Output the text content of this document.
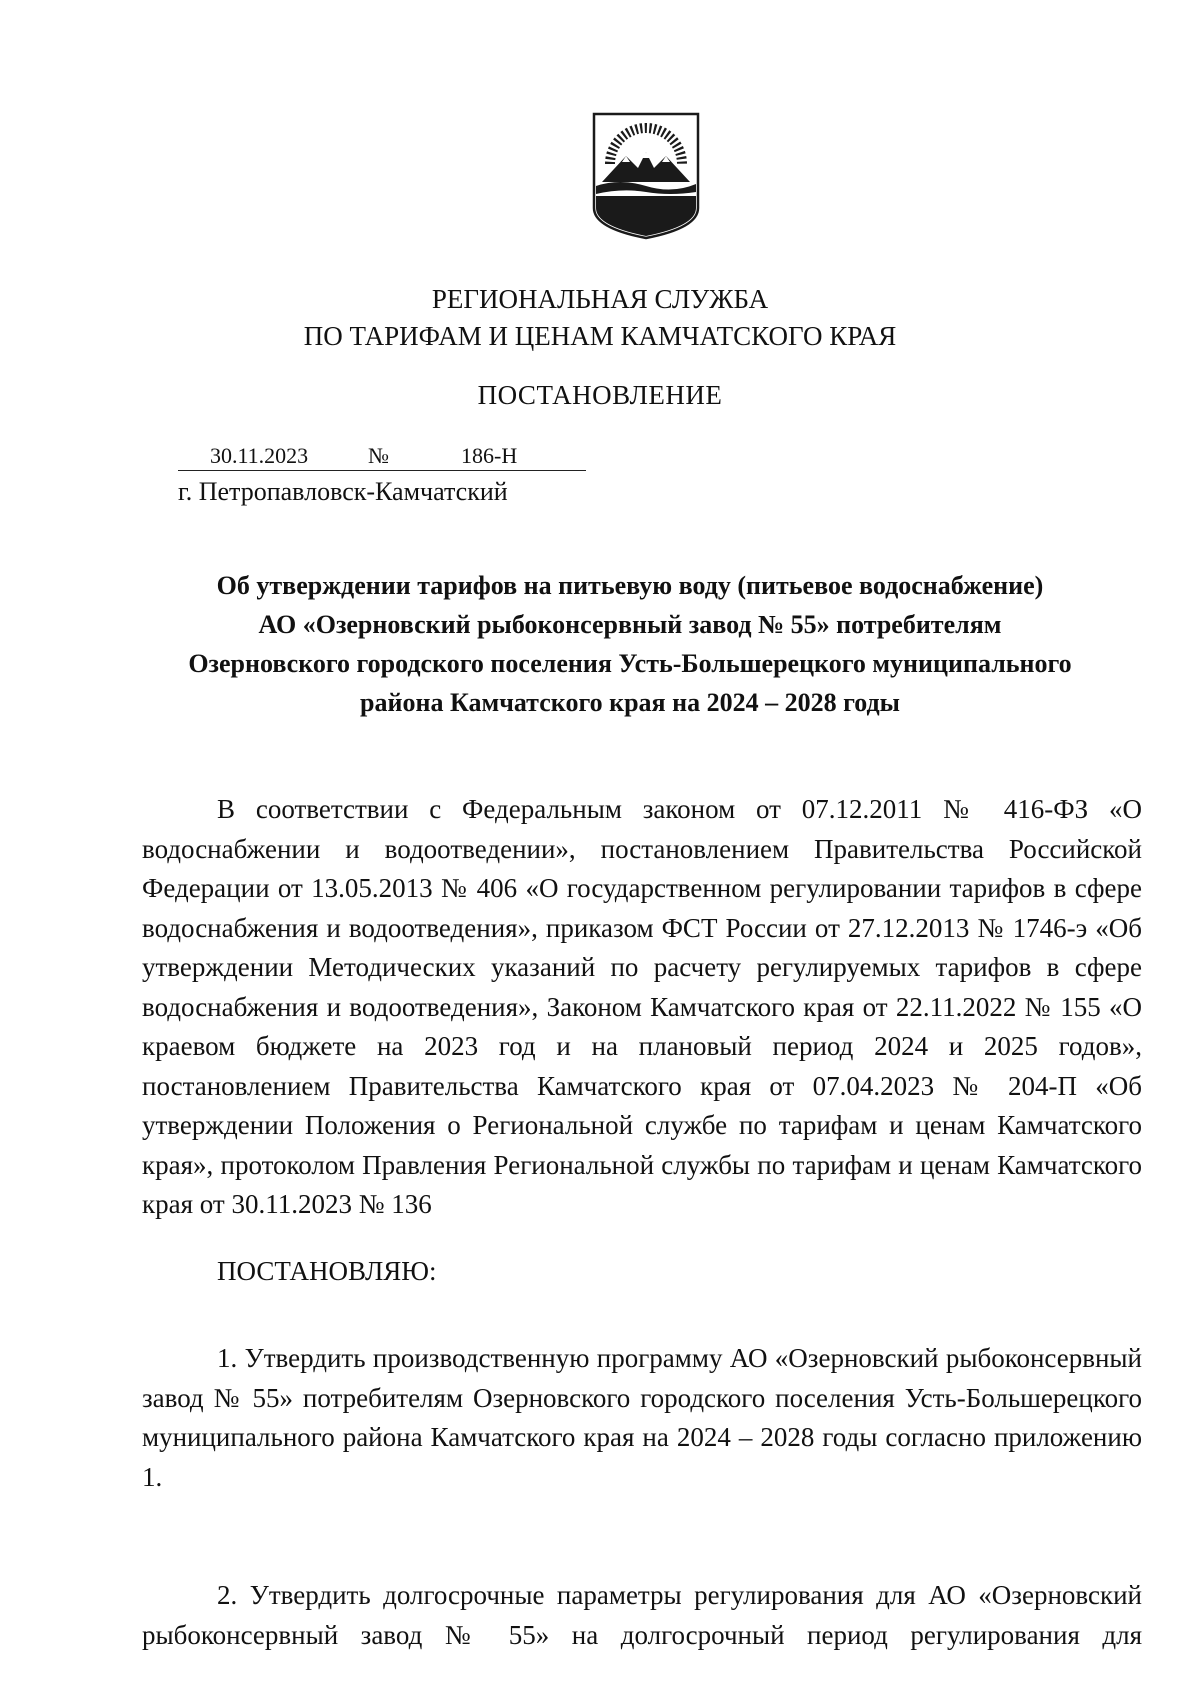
РЕГИОНАЛЬНАЯ СЛУЖБА
ПО ТАРИФАМ И ЦЕНАМ КАМЧАТСКОГО КРАЯ
ПОСТАНОВЛЕНИЕ
30.11.2023	№	186-Н
г. Петропавловск-Камчатский
Об утверждении тарифов на питьевую воду (питьевое водоснабжение)
АО «Озерновский рыбоконсервный завод № 55» потребителям
Озерновского городского поселения Усть-Большерецкого муниципального
района Камчатского края на 2024 – 2028 годы

В соответствии с Федеральным законом от 07.12.2011 № 416-ФЗ «О водоснабжении и водоотведении», постановлением Правительства Российской Федерации от 13.05.2013 № 406 «О государственном регулировании тарифов в сфере водоснабжения и водоотведения», приказом ФСТ России от 27.12.2013 № 1746-э «Об утверждении Методических указаний по расчету регулируемых тарифов в сфере водоснабжения и водоотведения», Законом Камчатского края от 22.11.2022 № 155 «О краевом бюджете на 2023 год и на плановый период 2024 и 2025 годов», постановлением Правительства Камчатского края от 07.04.2023 № 204-П «Об утверждении Положения о Региональной службе по тарифам и ценам Камчатского края», протоколом Правления Региональной службы по тарифам и ценам Камчатского края от 30.11.2023 № 136

ПОСТАНОВЛЯЮ:

1. Утвердить производственную программу АО «Озерновский рыбоконсервный завод № 55» потребителям Озерновского городского поселения Усть-Большерецкого муниципального района Камчатского края на 2024 – 2028 годы согласно приложению 1.

2. Утвердить долгосрочные параметры регулирования для АО «Озерновский рыбоконсервный завод № 55» на долгосрочный период регулирования для
